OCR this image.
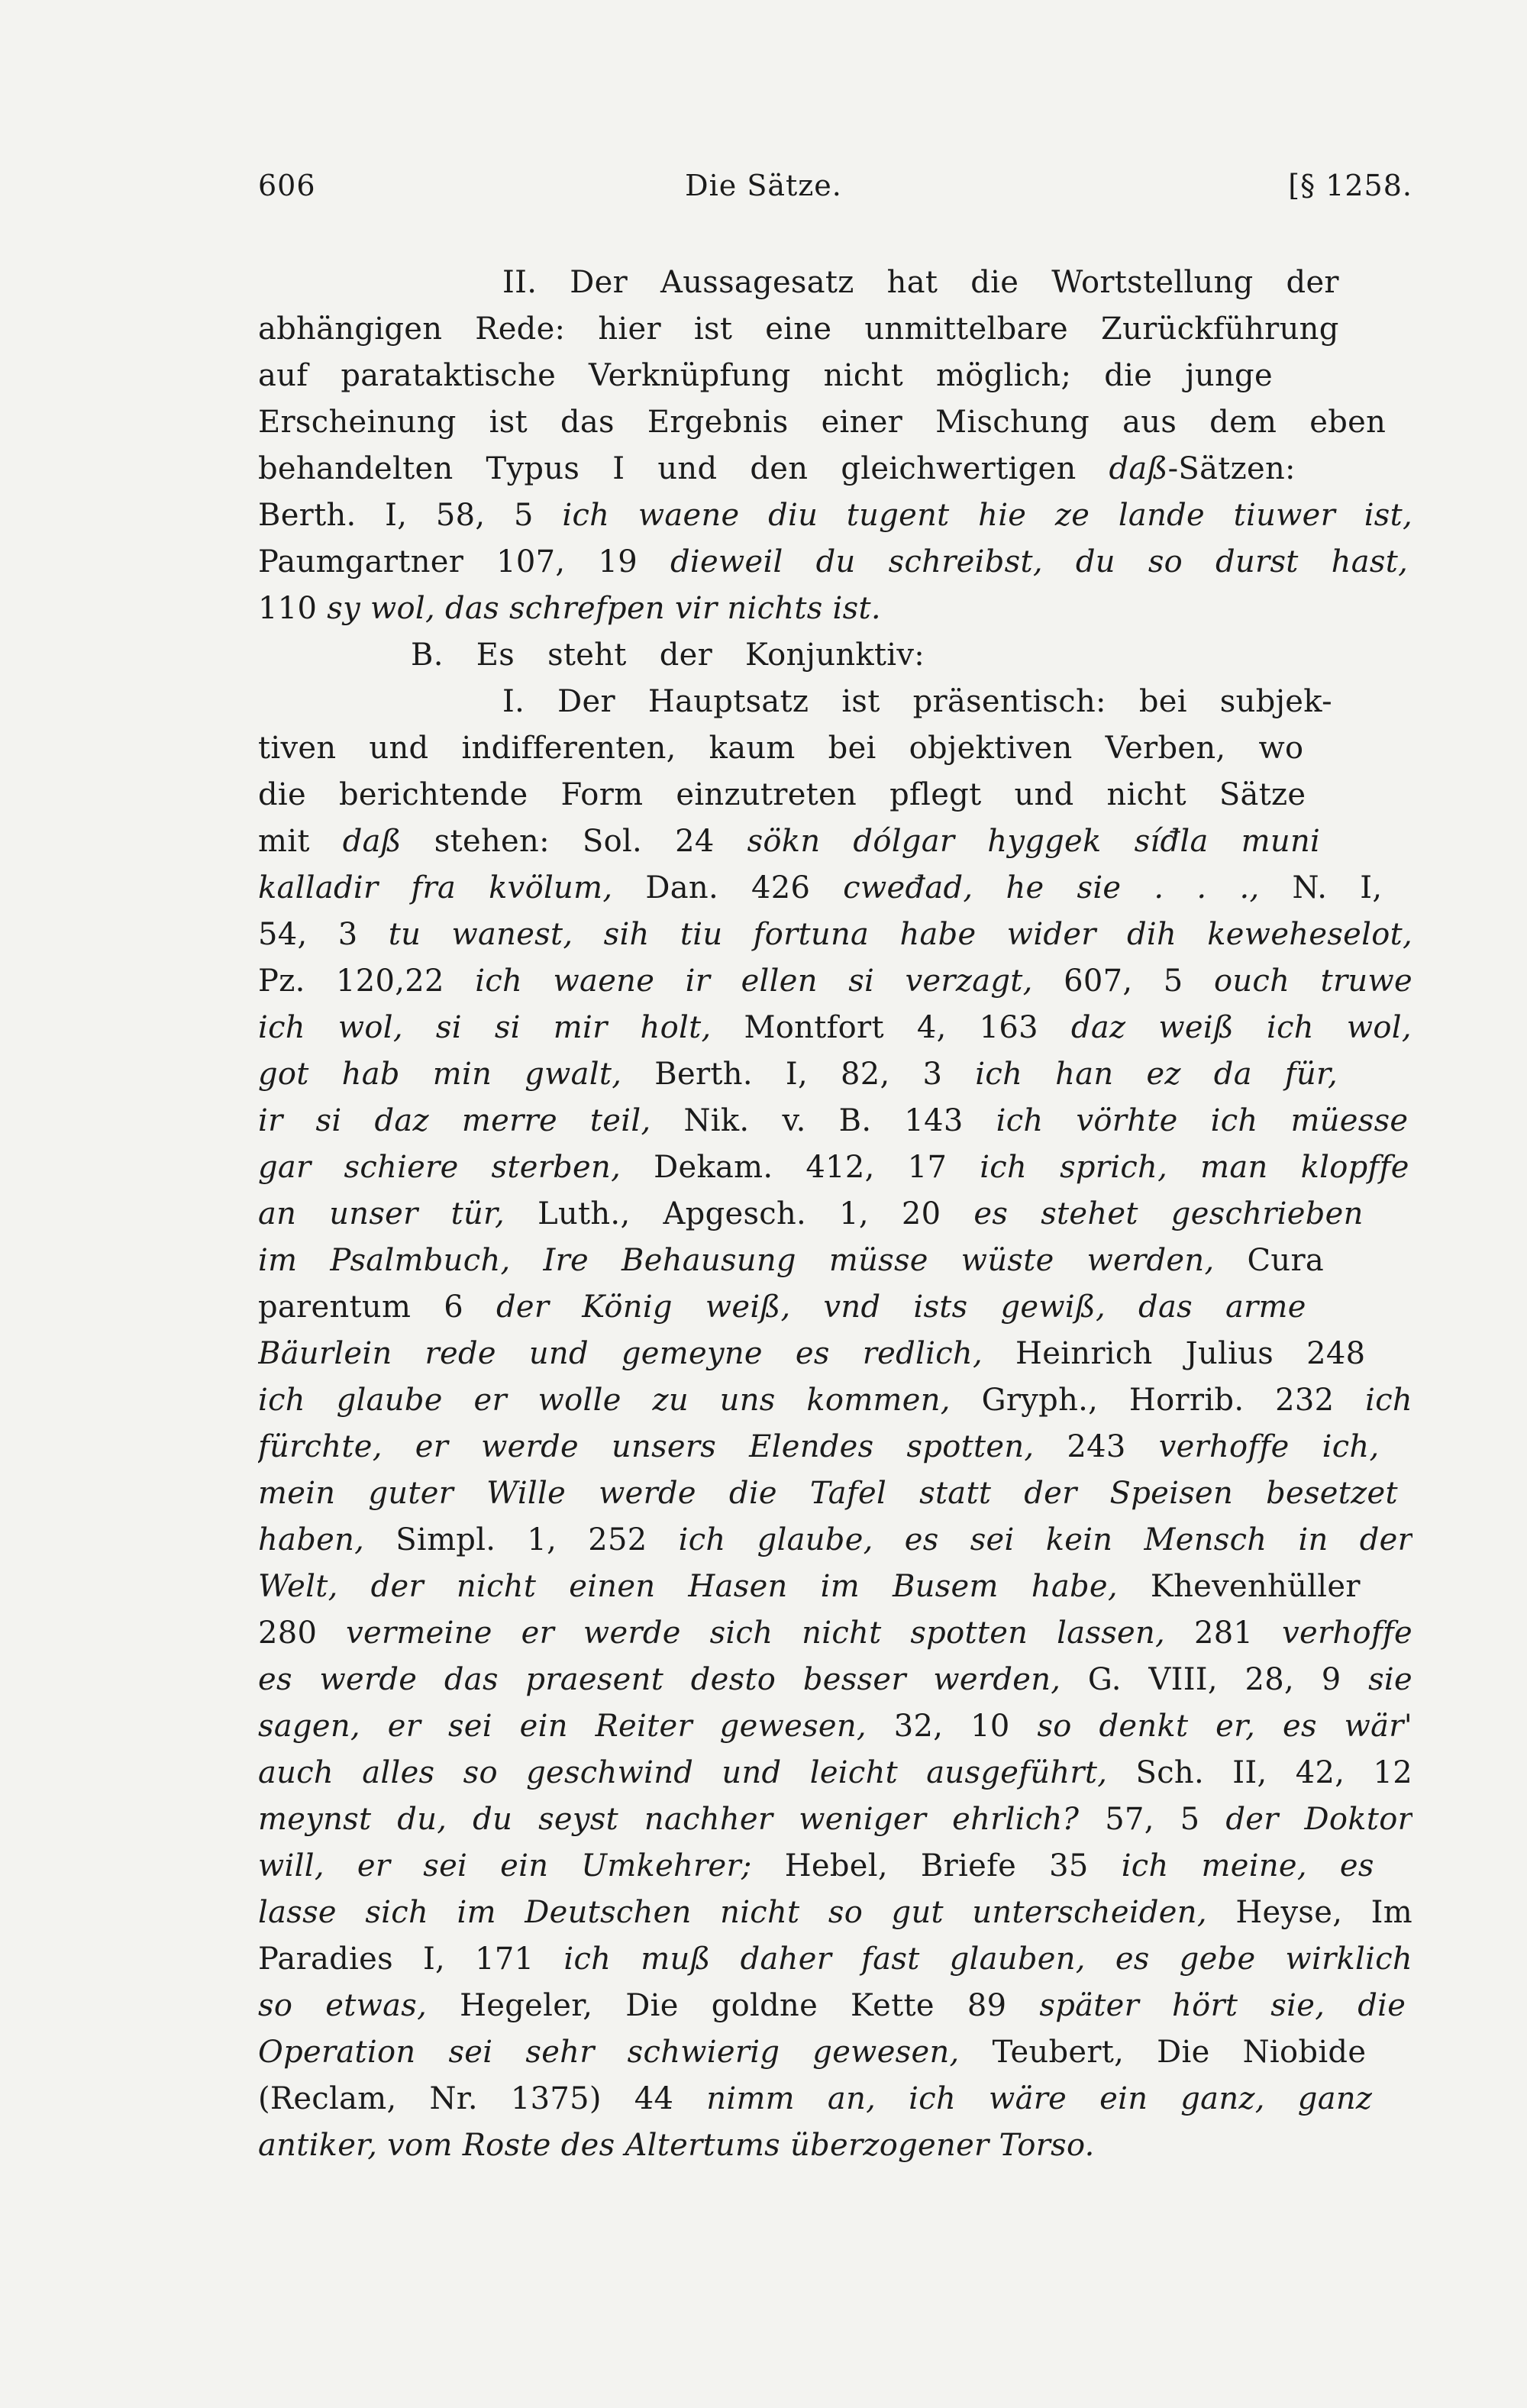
606	Die Sätze.	[§ 1258.
II. Der Aussagesatz hat die Wortstellung der
abhängigen Rede: hier ist eine unmittelbare Zurückführung
auf parataktische Verknüpfung nicht möglich; die junge
Erscheinung ist das Ergebnis einer Mischung aus dem eben
behandelten Typus I und den gleichwertigen daß-Sätzen:
Berth. I, 58, 5 ich waene diu tugent hie ze lande tiuwer ist,
Paumgartner 107, 19 dieweil du schreibst, du so durst hast,
110 sy wol, das schrefpen vir nichts ist.
B. Es steht der Konjunktiv:
I. Der Hauptsatz ist präsentisch: bei subjek-
tiven und indifferenten, kaum bei objektiven Verben, wo
die berichtende Form einzutreten pflegt und nicht Sätze
mit daß stehen: Sol. 24 sökn dólgar hyggek síđla muni
kalladir fra kvölum, Dan. 426 cweđad, he sie . . ., N. I,
54, 3 tu wanest, sih tiu fortuna habe wider dih keweheselot,
Pz. 120,22 ich waene ir ellen si verzagt, 607, 5 ouch truwe
ich wol, si si mir holt, Montfort 4, 163 daz weiß ich wol,
got hab min gwalt, Berth. I, 82, 3 ich han ez da für,
ir si daz merre teil, Nik. v. B. 143 ich vörhte ich müesse
gar schiere sterben, Dekam. 412, 17 ich sprich, man klopffe
an unser tür, Luth., Apgesch. 1, 20 es stehet geschrieben
im Psalmbuch, Ire Behausung müsse wüste werden, Cura
parentum 6 der König weiß, vnd ists gewiß, das arme
Bäurlein rede und gemeyne es redlich, Heinrich Julius 248
ich glaube er wolle zu uns kommen, Gryph., Horrib. 232 ich
fürchte, er werde unsers Elendes spotten, 243 verhoffe ich,
mein guter Wille werde die Tafel statt der Speisen besetzet
haben, Simpl. 1, 252 ich glaube, es sei kein Mensch in der
Welt, der nicht einen Hasen im Busem habe, Khevenhüller
280 vermeine er werde sich nicht spotten lassen, 281 verhoffe
es werde das praesent desto besser werden, G. VIII, 28, 9 sie
sagen, er sei ein Reiter gewesen, 32, 10 so denkt er, es wär'
auch alles so geschwind und leicht ausgeführt, Sch. II, 42, 12
meynst du, du seyst nachher weniger ehrlich? 57, 5 der Doktor
will, er sei ein Umkehrer; Hebel, Briefe 35 ich meine, es
lasse sich im Deutschen nicht so gut unterscheiden, Heyse, Im
Paradies I, 171 ich muß daher fast glauben, es gebe wirklich
so etwas, Hegeler, Die goldne Kette 89 später hört sie, die
Operation sei sehr schwierig gewesen, Teubert, Die Niobide
(Reclam, Nr. 1375) 44 nimm an, ich wäre ein ganz, ganz
antiker, vom Roste des Altertums überzogener Torso.
